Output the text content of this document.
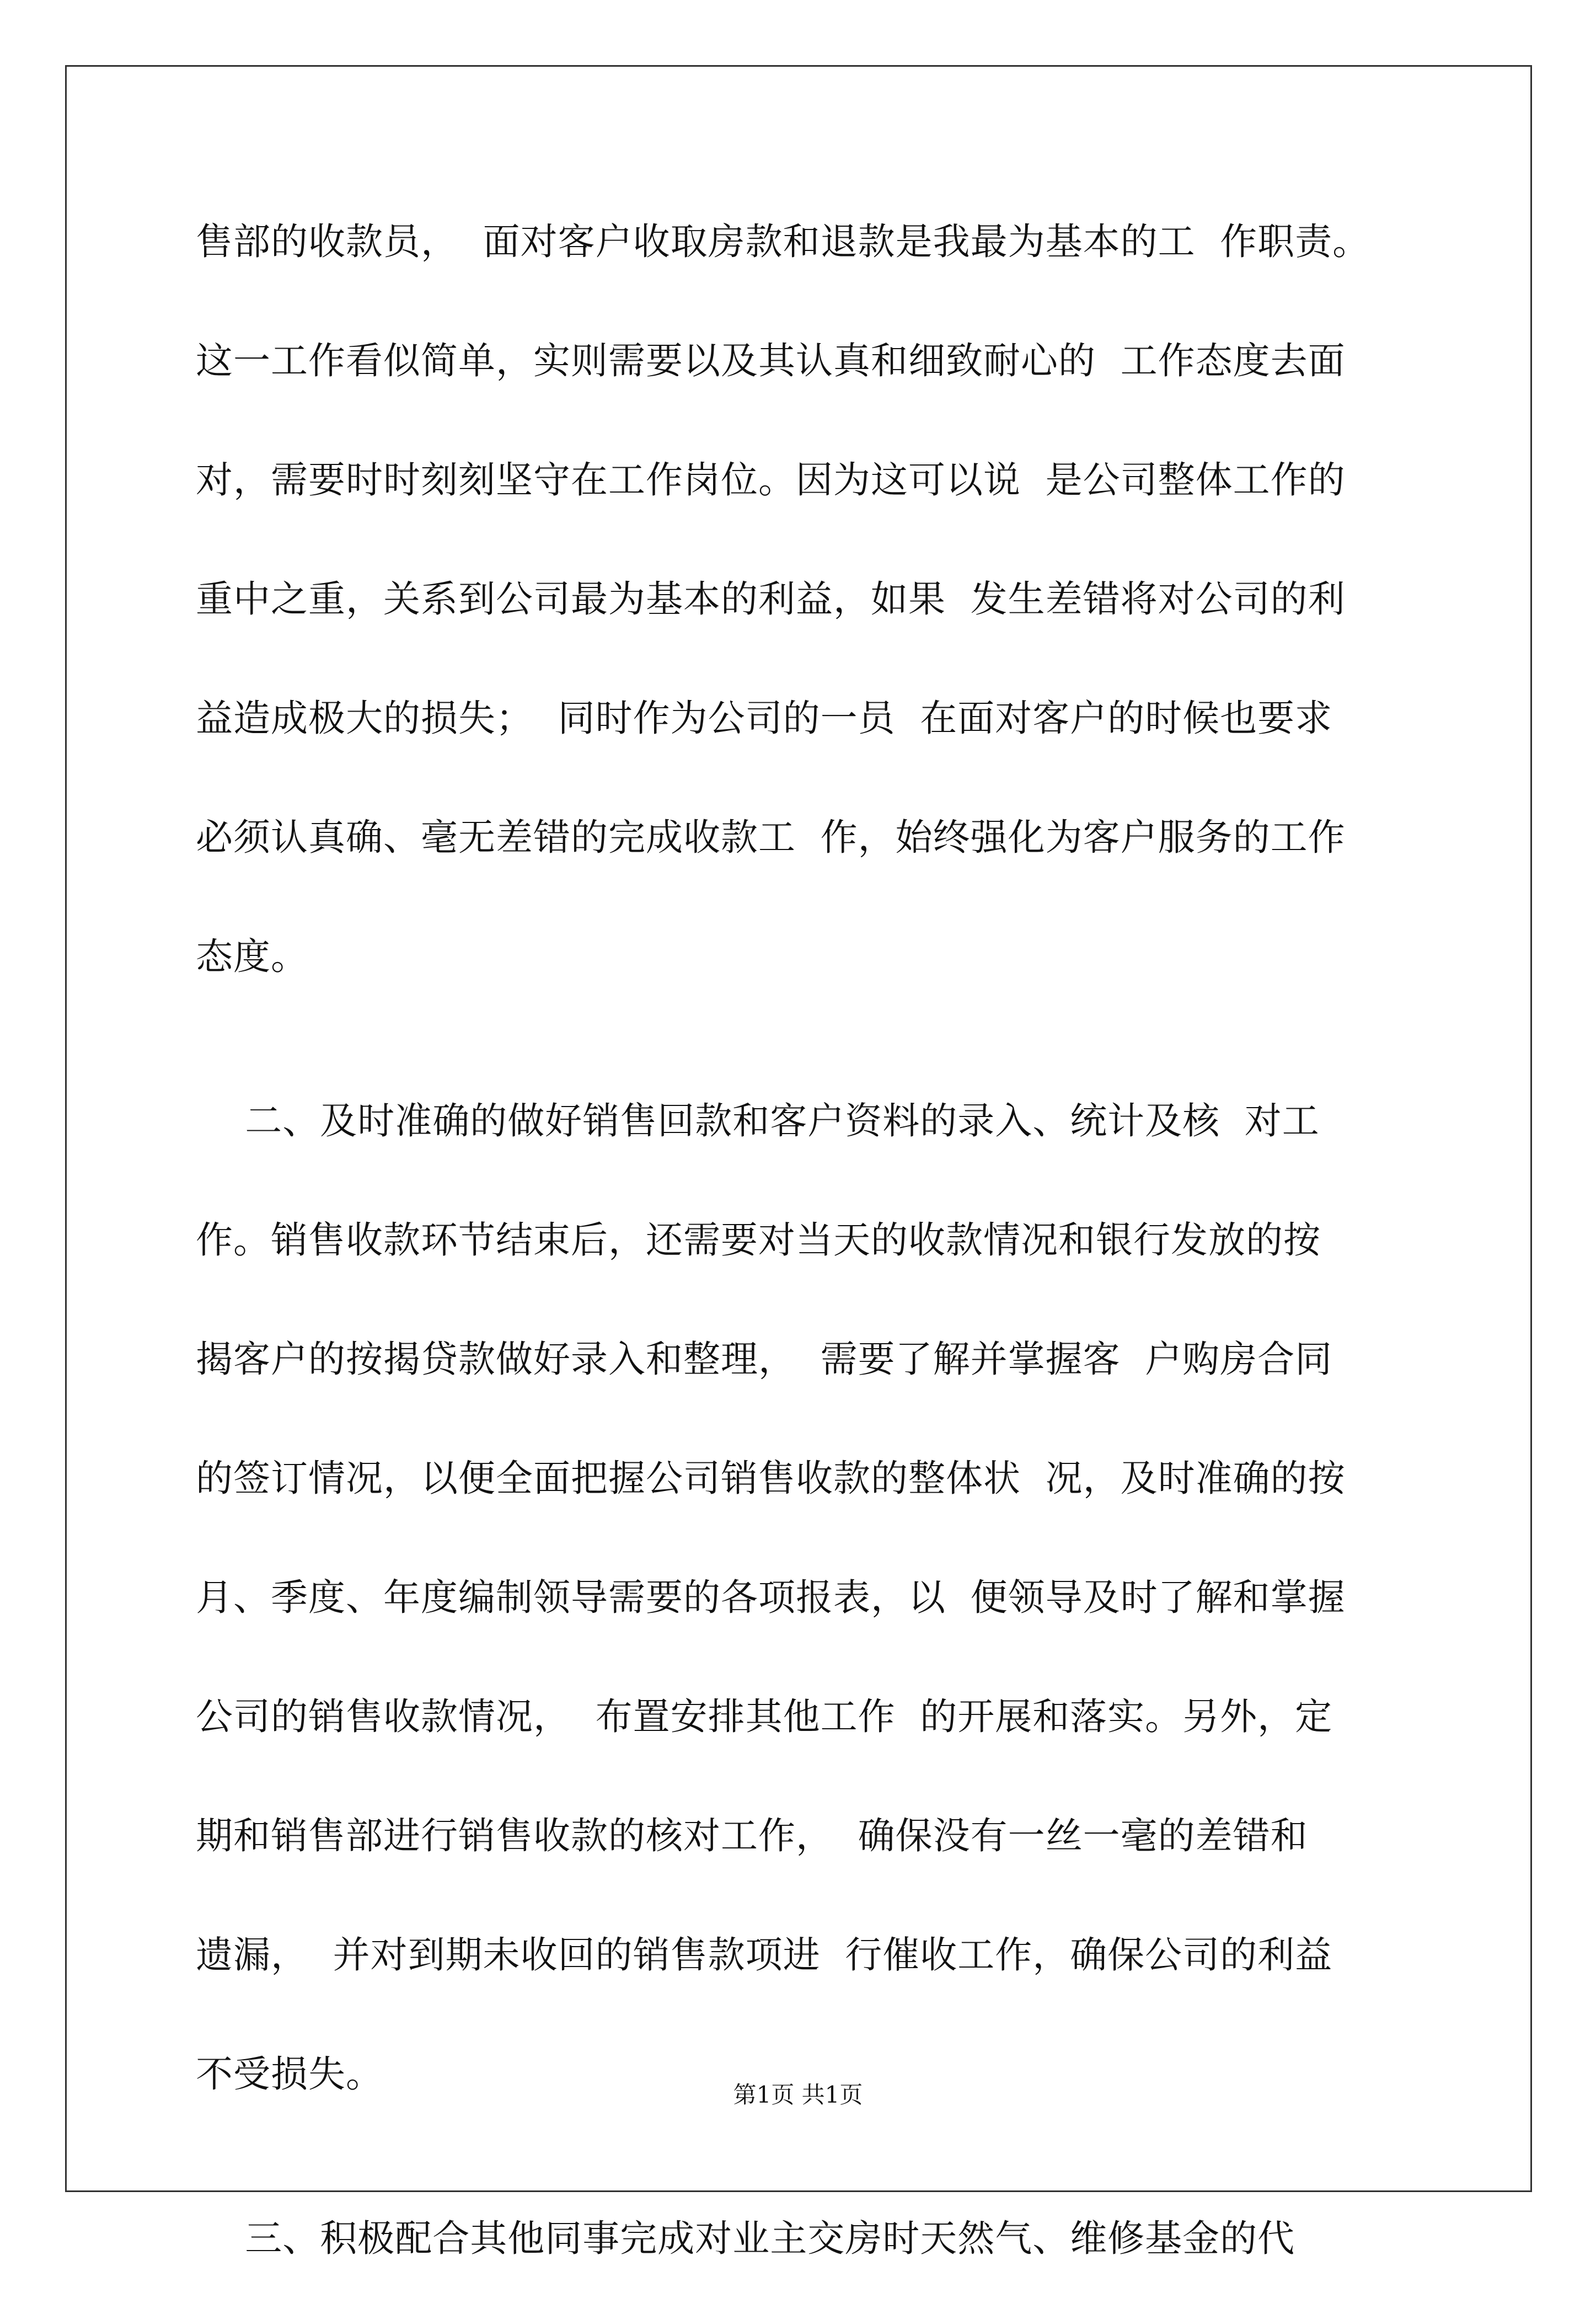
售部的收款员，  面对客户收取房款和退款是我最为基本的工  作职责。
这一工作看似简单，实则需要以及其认真和细致耐心的  工作态度去面
对，需要时时刻刻坚守在工作岗位。因为这可以说  是公司整体工作的
重中之重，关系到公司最为基本的利益，如果  发生差错将对公司的利
益造成极大的损失；  同时作为公司的一员  在面对客户的时候也要求
必须认真确、毫无差错的完成收款工  作，始终强化为客户服务的工作
态度。
二、及时准确的做好销售回款和客户资料的录入、统计及核  对工
作。销售收款环节结束后，还需要对当天的收款情况和银行发放的按
揭客户的按揭贷款做好录入和整理，  需要了解并掌握客  户购房合同
的签订情况，以便全面把握公司销售收款的整体状  况，及时准确的按
月、季度、年度编制领导需要的各项报表，以  便领导及时了解和掌握
公司的销售收款情况，  布置安排其他工作  的开展和落实。另外，定
期和销售部进行销售收款的核对工作，  确保没有一丝一毫的差错和
遗漏，  并对到期未收回的销售款项进  行催收工作，确保公司的利益
不受损失。
三、积极配合其他同事完成对业主交房时天然气、维修基金的代
第1页 共1页
